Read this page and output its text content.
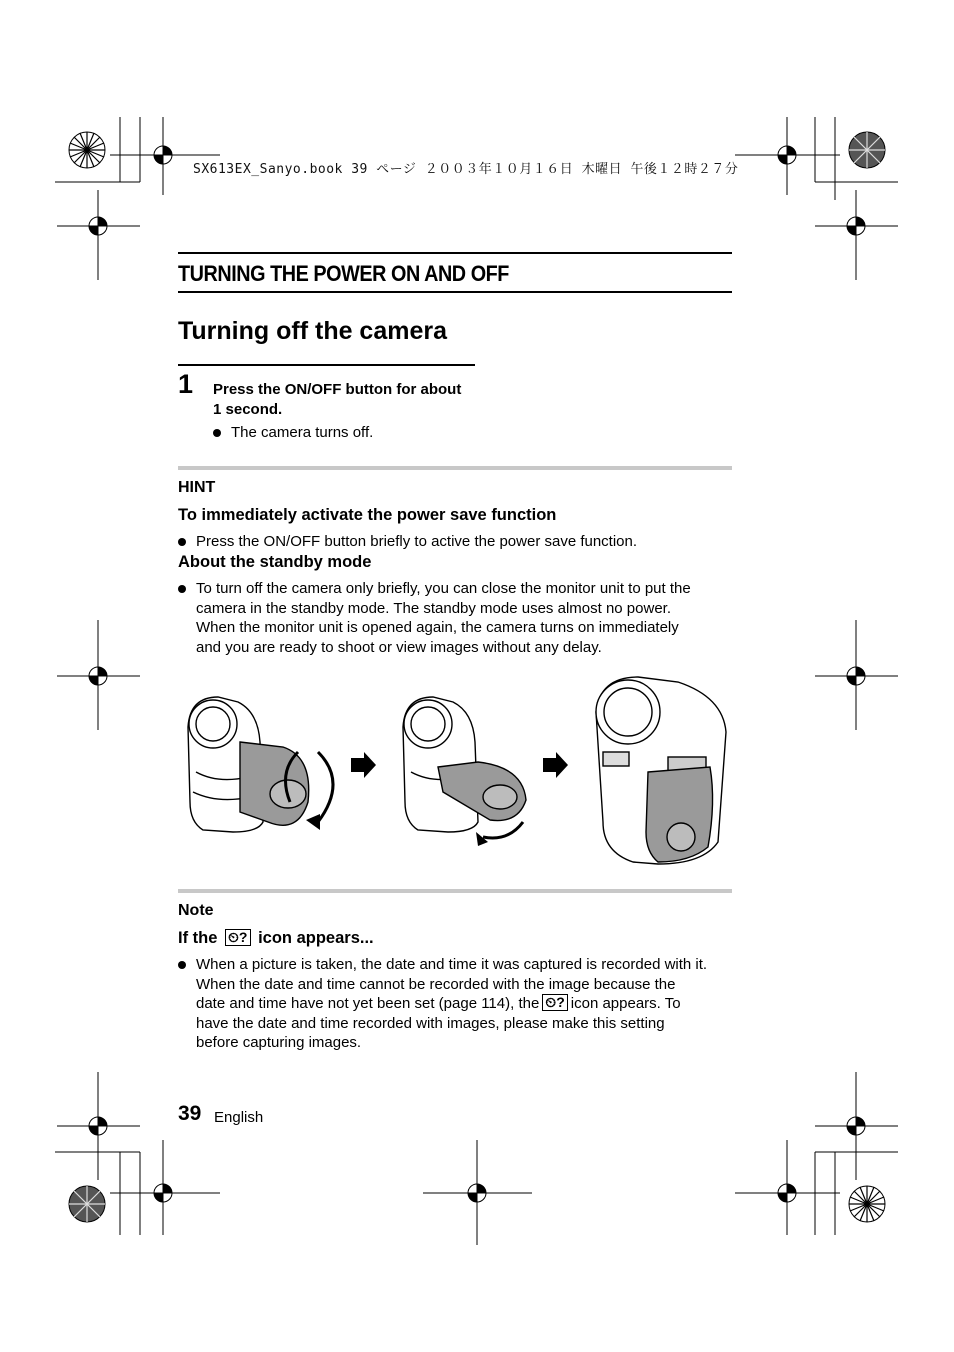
SX613EX_Sanyo.book 39 ページ ２００３年１０月１６日 木曜日 午後１２時２７分
TURNING THE POWER ON AND OFF
Turning off the camera
1 Press the ON/OFF button for about
1 second.
The camera turns off.
HINT
To immediately activate the power save function
Press the ON/OFF button briefly to active the power save function.
About the standby mode
To turn off the camera only briefly, you can close the monitor unit to put the
camera in the standby mode. The standby mode uses almost no power.
When the monitor unit is opened again, the camera turns on immediately
and you are ready to shoot or view images without any delay.
Note
If the ⏲? icon appears...
When a picture is taken, the date and time it was captured is recorded with it.
When the date and time cannot be recorded with the image because the
date and time have not yet been set (page 114), the ⏲? icon appears. To
have the date and time recorded with images, please make this setting
before capturing images.
39 English
